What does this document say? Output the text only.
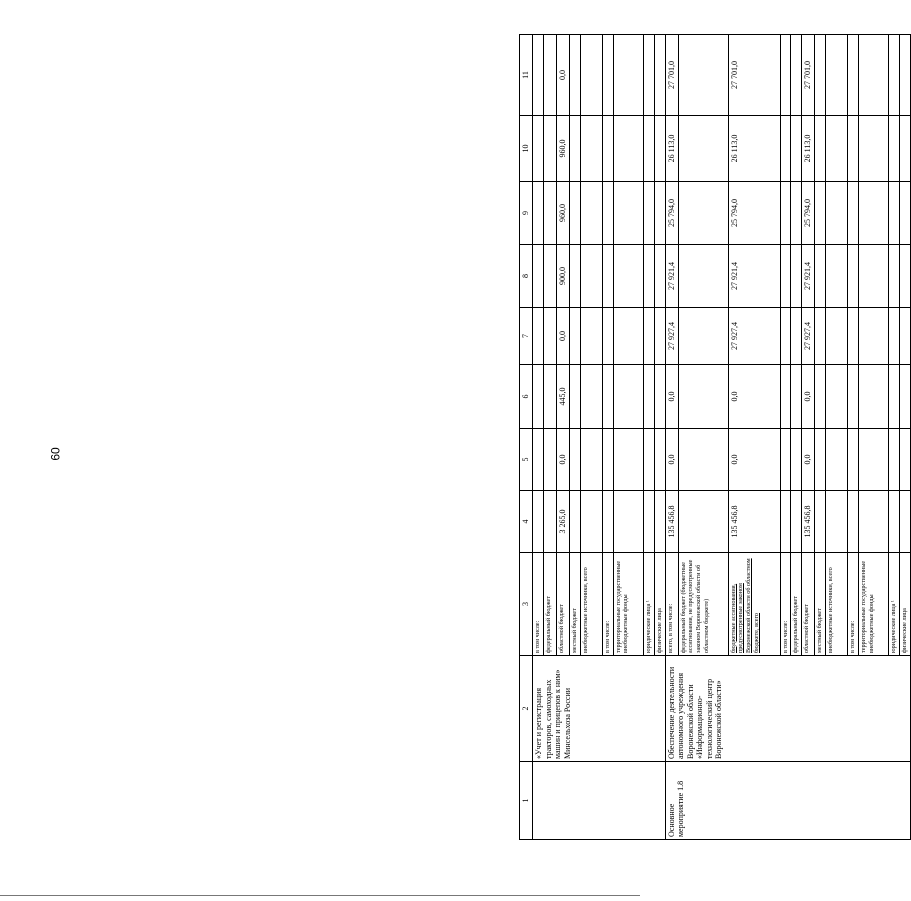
60
1	2	3	4	5	6	7	8	9	10	11
	«Учет и регистрация тракторов, самоходных машин и прицепов к ним» Минсельхоза России	в том числе:								
		федеральный бюджет								
		областной бюджет	3 265,0	0,0	445,0	0,0	900,0	960,0	960,0	0,0
		местный бюджет								
		внебюджетные источники, всего								
		в том числе:								
		территориальные государственные внебюджетные фонды								
		юридические лица ¹								
		физические лица								
Основное мероприятие 1.8	Обеспечение деятельности автономного учреждения Воронежской области «Информационно-технологический центр Воронежской области»	всего, в том числе:	135 456,8	0,0	0,0	27 927,4	27 921,4	25 794,0	26 113,0	27 701,0
		федеральный бюджет (бюджетные ассигнования, не предусмотренные законом Воронежской области об областном бюджете)								
		бюджетные ассигнования, предусмотренные законом Воронежской области об областном бюджете, всего	135 456,8	0,0	0,0	27 927,4	27 921,4	25 794,0	26 113,0	27 701,0
		в том числе:								
		федеральный бюджет								
		областной бюджет	135 456,8	0,0	0,0	27 927,4	27 921,4	25 794,0	26 113,0	27 701,0
		местный бюджет								
		внебюджетные источники, всего								
		в том числе:								
		территориальные государственные внебюджетные фонды								
		юридические лица ¹								
		физические лица								
